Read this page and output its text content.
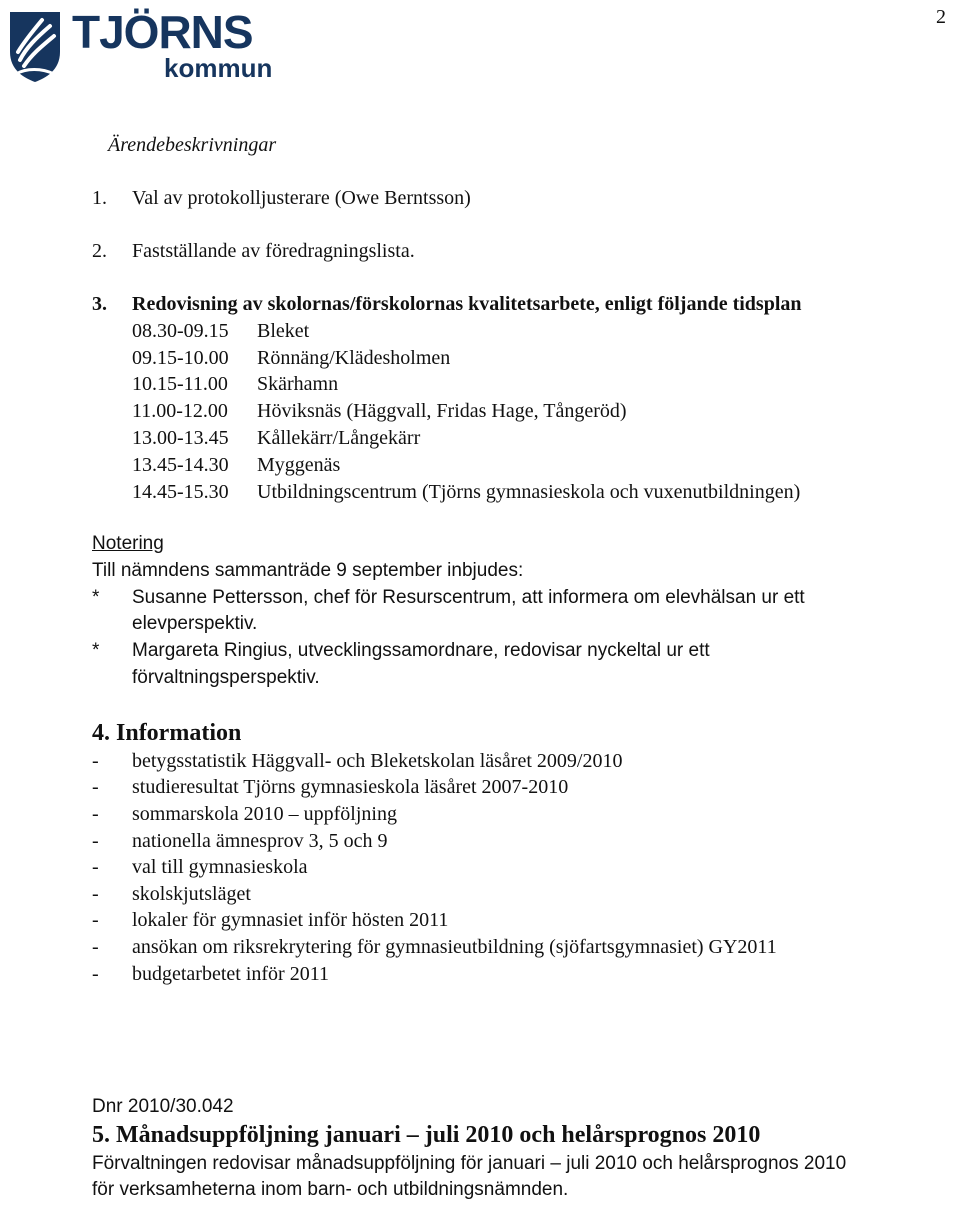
TJÖRNS
kommun
2
Ärendebeskrivningar
1. Val av protokolljusterare (Owe Berntsson)
2. Fastställande av föredragningslista.
3. Redovisning av skolornas/förskolornas kvalitetsarbete, enligt följande tidsplan
08.30-09.15 Bleket
09.15-10.00 Rönnäng/Klädesholmen
10.15-11.00 Skärhamn
11.00-12.00 Höviksnäs (Häggvall, Fridas Hage, Tångeröd)
13.00-13.45 Kållekärr/Långekärr
13.45-14.30 Myggenäs
14.45-15.30 Utbildningscentrum (Tjörns gymnasieskola och vuxenutbildningen)
Notering
Till nämndens sammanträde 9 september inbjudes:
* Susanne Pettersson, chef för Resurscentrum, att informera om elevhälsan ur ett
elevperspektiv.
* Margareta Ringius, utvecklingssamordnare, redovisar nyckeltal ur ett
förvaltningsperspektiv.
4. Information
- betygsstatistik Häggvall- och Bleketskolan läsåret 2009/2010
- studieresultat Tjörns gymnasieskola läsåret 2007-2010
- sommarskola 2010 – uppföljning
- nationella ämnesprov 3, 5 och 9
- val till gymnasieskola
- skolskjutsläget
- lokaler för gymnasiet inför hösten 2011
- ansökan om riksrekrytering för gymnasieutbildning (sjöfartsgymnasiet) GY2011
- budgetarbetet inför 2011
Dnr 2010/30.042
5. Månadsuppföljning januari – juli 2010 och helårsprognos 2010
Förvaltningen redovisar månadsuppföljning för januari – juli 2010 och helårsprognos 2010
för verksamheterna inom barn- och utbildningsnämnden.
